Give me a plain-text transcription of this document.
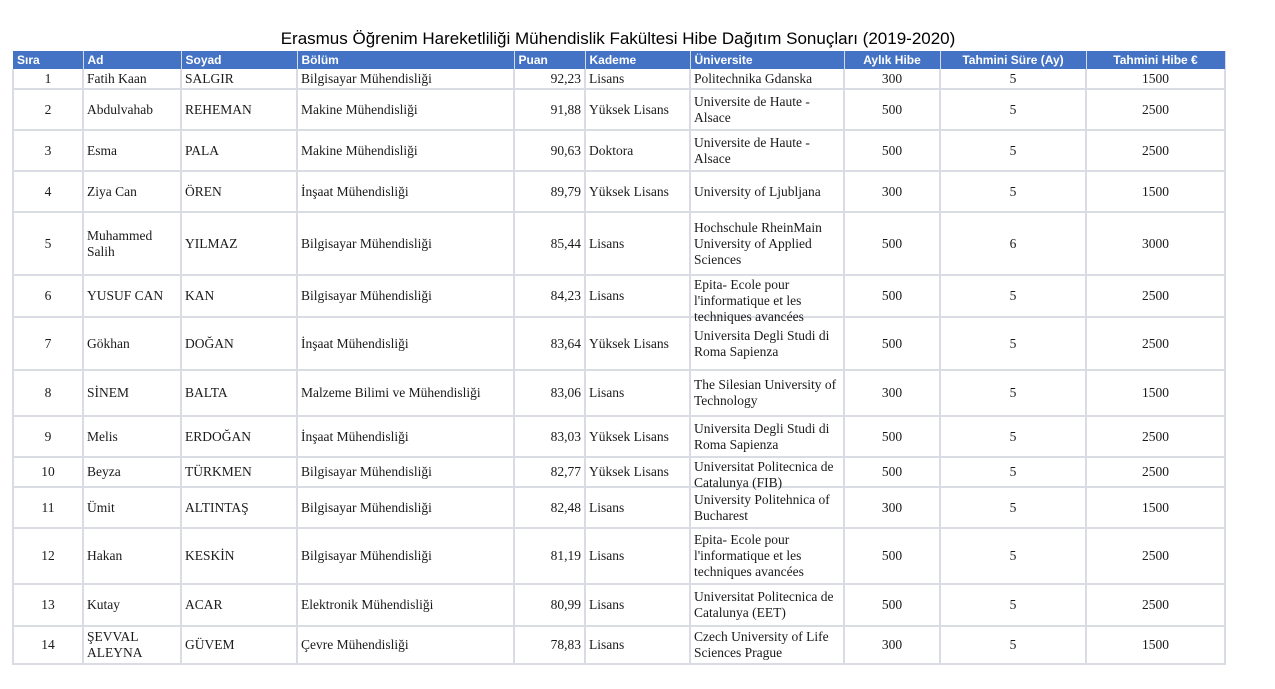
Erasmus Öğrenim Hareketliliği Mühendislik Fakültesi Hibe Dağıtım Sonuçları (2019-2020)
Sıra	Ad	Soyad	Bölüm	Puan	Kademe	Üniversite	Aylık Hibe	Tahmini Süre (Ay)	Tahmini Hibe €
1	Fatih Kaan	SALGIR	Bilgisayar Mühendisliği	92,23	Lisans	Politechnika Gdanska	300	5	1500
2	Abdulvahab	REHEMAN	Makine Mühendisliği	91,88	Yüksek Lisans	Universite de Haute - Alsace	500	5	2500
3	Esma	PALA	Makine Mühendisliği	90,63	Doktora	Universite de Haute - Alsace	500	5	2500
4	Ziya Can	ÖREN	İnşaat Mühendisliği	89,79	Yüksek Lisans	University of Ljubljana	300	5	1500
5	Muhammed Salih	YILMAZ	Bilgisayar Mühendisliği	85,44	Lisans	Hochschule RheinMain University of Applied Sciences	500	6	3000
6	YUSUF CAN	KAN	Bilgisayar Mühendisliği	84,23	Lisans	Epita- Ecole pour l'informatique et les techniques avancées	500	5	2500
7	Gökhan	DOĞAN	İnşaat Mühendisliği	83,64	Yüksek Lisans	Universita Degli Studi di Roma Sapienza	500	5	2500
8	SİNEM	BALTA	Malzeme Bilimi ve Mühendisliği	83,06	Lisans	The Silesian University of Technology	300	5	1500
9	Melis	ERDOĞAN	İnşaat Mühendisliği	83,03	Yüksek Lisans	Universita Degli Studi di Roma Sapienza	500	5	2500
10	Beyza	TÜRKMEN	Bilgisayar Mühendisliği	82,77	Yüksek Lisans	Universitat Politecnica de Catalunya (FIB)	500	5	2500
11	Ümit	ALTINTAŞ	Bilgisayar Mühendisliği	82,48	Lisans	University Politehnica of Bucharest	300	5	1500
12	Hakan	KESKİN	Bilgisayar Mühendisliği	81,19	Lisans	Epita- Ecole pour l'informatique et les techniques avancées	500	5	2500
13	Kutay	ACAR	Elektronik Mühendisliği	80,99	Lisans	Universitat Politecnica de Catalunya (EET)	500	5	2500
14	ŞEVVAL ALEYNA	GÜVEM	Çevre Mühendisliği	78,83	Lisans	Czech University of Life Sciences Prague	300	5	1500
